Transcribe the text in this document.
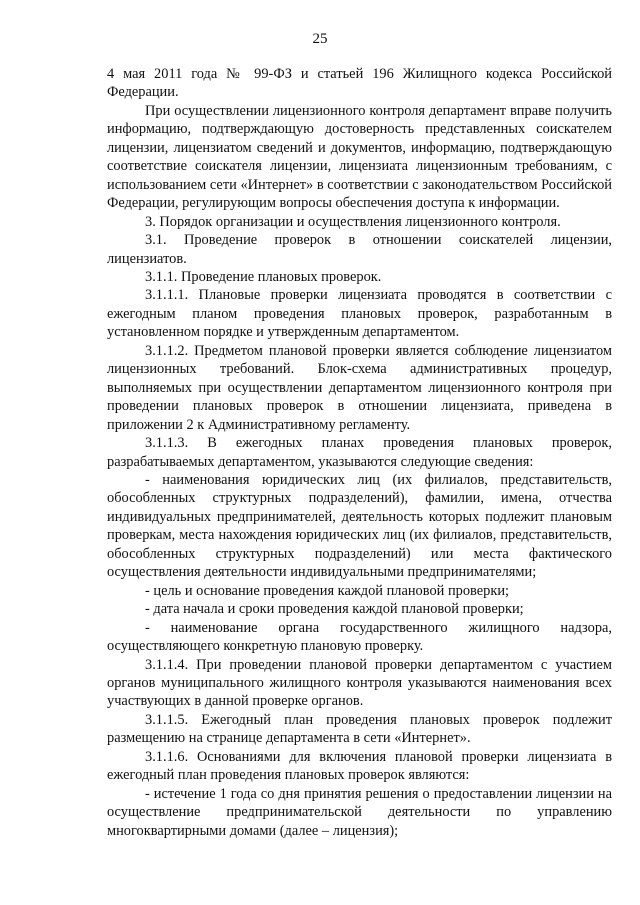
25

4 мая 2011 года № 99-ФЗ и статьей 196 Жилищного кодекса Российской Федерации.

При осуществлении лицензионного контроля департамент вправе получить информацию, подтверждающую достоверность представленных соискателем лицензии, лицензиатом сведений и документов, информацию, подтверждающую соответствие соискателя лицензии, лицензиата лицензионным требованиям, с использованием сети «Интернет» в соответствии с законодательством Российской Федерации, регулирующим вопросы обеспечения доступа к информации.

3. Порядок организации и осуществления лицензионного контроля.

3.1. Проведение проверок в отношении соискателей лицензии, лицензиатов.

3.1.1. Проведение плановых проверок.

3.1.1.1. Плановые проверки лицензиата проводятся в соответствии с ежегодным планом проведения плановых проверок, разработанным в установленном порядке и утвержденным департаментом.

3.1.1.2. Предметом плановой проверки является соблюдение лицензиатом лицензионных требований. Блок-схема административных процедур, выполняемых при осуществлении департаментом лицензионного контроля при проведении плановых проверок в отношении лицензиата, приведена в приложении 2 к Административному регламенту.

3.1.1.3. В ежегодных планах проведения плановых проверок, разрабатываемых департаментом, указываются следующие сведения:

- наименования юридических лиц (их филиалов, представительств, обособленных структурных подразделений), фамилии, имена, отчества индивидуальных предпринимателей, деятельность которых подлежит плановым проверкам, места нахождения юридических лиц (их филиалов, представительств, обособленных структурных подразделений) или места фактического осуществления деятельности индивидуальными предпринимателями;

- цель и основание проведения каждой плановой проверки;

- дата начала и сроки проведения каждой плановой проверки;

- наименование органа государственного жилищного надзора, осуществляющего конкретную плановую проверку.

3.1.1.4. При проведении плановой проверки департаментом с участием органов муниципального жилищного контроля указываются наименования всех участвующих в данной проверке органов.

3.1.1.5. Ежегодный план проведения плановых проверок подлежит размещению на странице департамента в сети «Интернет».

3.1.1.6. Основаниями для включения плановой проверки лицензиата в ежегодный план проведения плановых проверок являются:

- истечение 1 года со дня принятия решения о предоставлении лицензии на осуществление предпринимательской деятельности по управлению многоквартирными домами (далее – лицензия);
